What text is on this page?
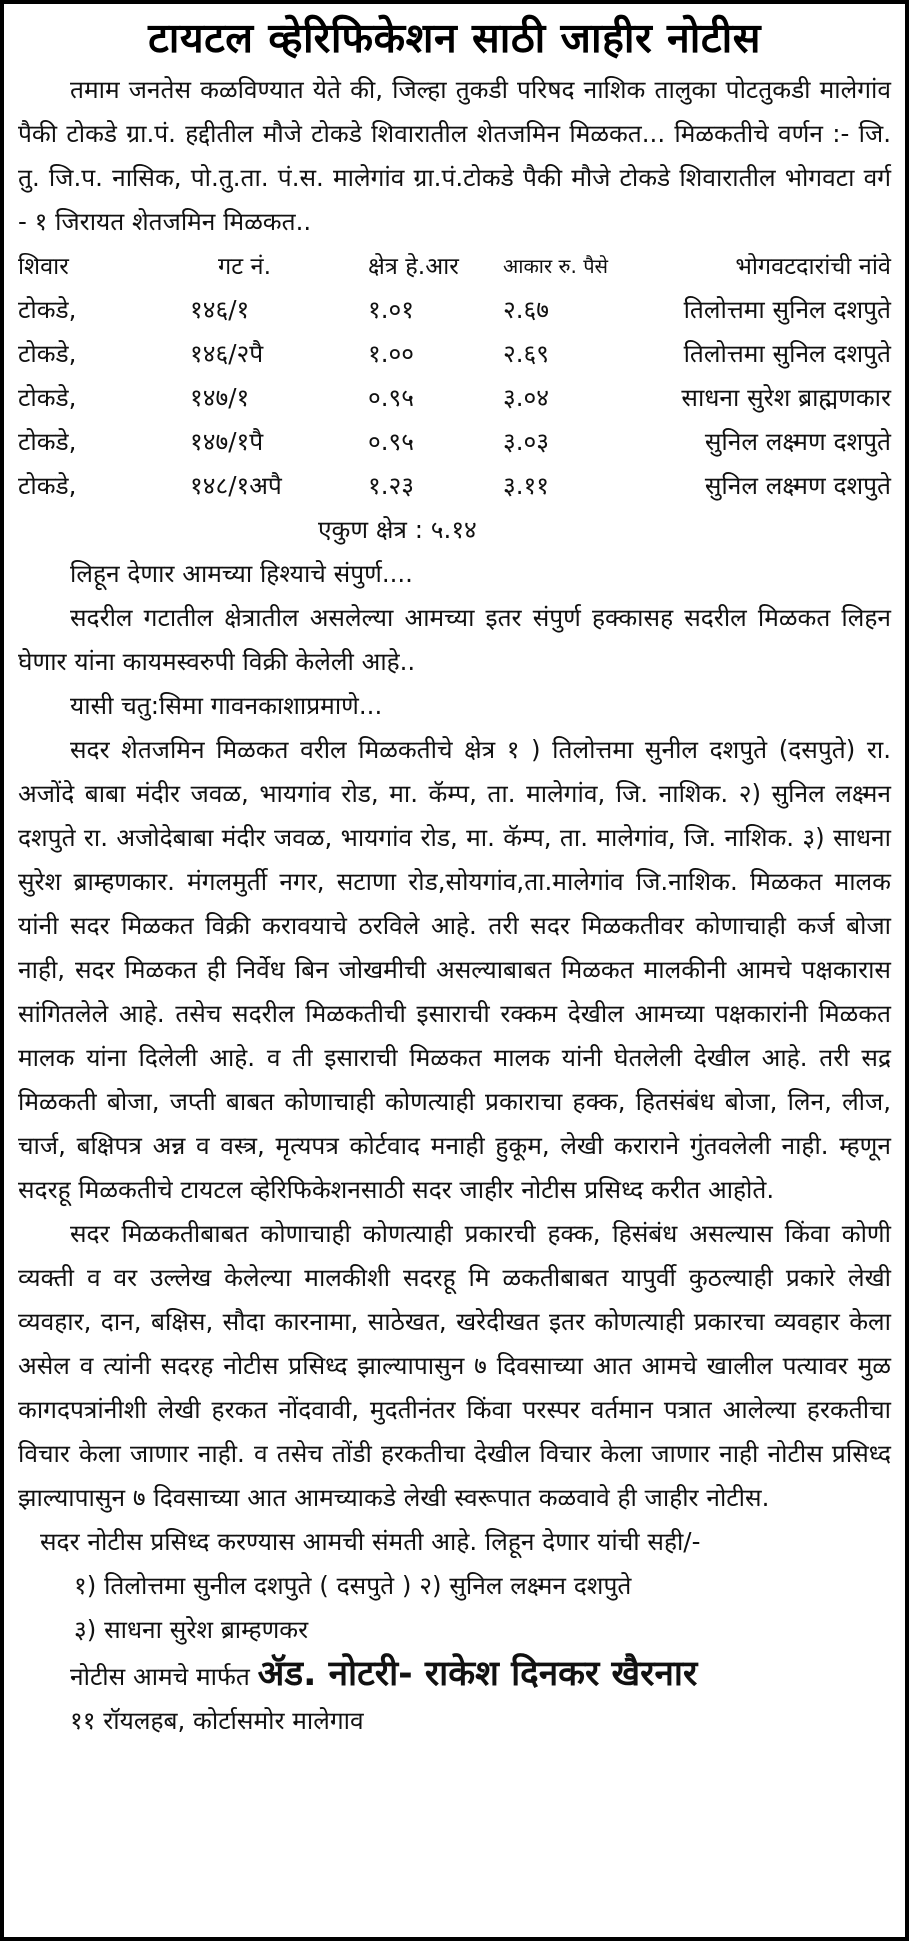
टायटल व्हेरिफिकेशन साठी जाहीर नोटीस

तमाम जनतेस कळविण्यात येते की, जिल्हा तुकडी परिषद नाशिक तालुका पोटतुकडी मालेगांव पैकी टोकडे ग्रा.पं. हद्दीतील मौजे टोकडे शिवारातील शेतजमिन मिळकत... मिळकतीचे वर्णन :- जि. तु. जि.प. नासिक, पो.तु.ता. पं.स. मालेगांव ग्रा.पं.टोकडे पैकी मौजे टोकडे शिवारातील भोगवटा वर्ग - १ जिरायत शेतजमिन मिळकत..

शिवार	गट नं.	क्षेत्र हे.आर	आकार रु. पैसे	भोगवटदारांची नांवे
टोकडे,	१४६/१	१.०१	२.६७	तिलोत्तमा सुनिल दशपुते
टोकडे,	१४६/२पै	१.००	२.६९	तिलोत्तमा सुनिल दशपुते
टोकडे,	१४७/१	०.९५	३.०४	साधना सुरेश ब्राह्मणकार
टोकडे,	१४७/१पै	०.९५	३.०३	सुनिल लक्ष्मण दशपुते
टोकडे,	१४८/१अपै	१.२३	३.११	सुनिल लक्ष्मण दशपुते

एकुण क्षेत्र : ५.१४

लिहून देणार आमच्या हिश्याचे संपुर्ण....

सदरील गटातील क्षेत्रातील असलेल्या आमच्या इतर संपुर्ण हक्कासह सदरील मिळकत लिहन घेणार यांना कायमस्वरुपी विक्री केलेली आहे..

यासी चतु:सिमा गावनकाशाप्रमाणे...

सदर शेतजमिन मिळकत वरील मिळकतीचे क्षेत्र १ ) तिलोत्तमा सुनील दशपुते (दसपुते) रा. अजोंदे बाबा मंदीर जवळ, भायगांव रोड, मा. कॅम्प, ता. मालेगांव, जि. नाशिक. २) सुनिल लक्ष्मन दशपुते रा. अजोदेबाबा मंदीर जवळ, भायगांव रोड, मा. कॅम्प, ता. मालेगांव, जि. नाशिक. ३) साधना सुरेश ब्राम्हणकार. मंगलमुर्ती नगर, सटाणा रोड,सोयगांव,ता.मालेगांव जि.नाशिक. मिळकत मालक यांनी सदर मिळकत विक्री करावयाचे ठरविले आहे. तरी सदर मिळकतीवर कोणाचाही कर्ज बोजा नाही, सदर मिळकत ही निर्वेध बिन जोखमीची असल्याबाबत मिळकत मालकीनी आमचे पक्षकारास सांगितलेले आहे. तसेच सदरील मिळकतीची इसाराची रक्कम देखील आमच्या पक्षकारांनी मिळकत मालक यांना दिलेली आहे. व ती इसाराची मिळकत मालक यांनी घेतलेली देखील आहे. तरी सद्र मिळकती बोजा, जप्ती बाबत कोणाचाही कोणत्याही प्रकाराचा हक्क, हितसंबंध बोजा, लिन, लीज, चार्ज, बक्षिपत्र अन्न व वस्त्र, मृत्यपत्र कोर्टवाद मनाही हुकूम, लेखी कराराने गुंतवलेली नाही. म्हणून सदरहू मिळकतीचे टायटल व्हेरिफिकेशनसाठी सदर जाहीर नोटीस प्रसिध्द करीत आहोते.

सदर मिळकतीबाबत कोणाचाही कोणत्याही प्रकारची हक्क, हिसंबंध असल्यास किंवा कोणी व्यक्ती व वर उल्लेख केलेल्या मालकीशी सदरहू मि ळकतीबाबत यापुर्वी कुठल्याही प्रकारे लेखी व्यवहार, दान, बक्षिस, सौदा कारनामा, साठेखत, खरेदीखत इतर कोणत्याही प्रकारचा व्यवहार केला असेल व त्यांनी सदरह नोटीस प्रसिध्द झाल्यापासुन ७ दिवसाच्या आत आमचे खालील पत्यावर मुळ कागदपत्रांनीशी लेखी हरकत नोंदवावी, मुदतीनंतर किंवा परस्पर वर्तमान पत्रात आलेल्या हरकतीचा विचार केला जाणार नाही. व तसेच तोंडी हरकतीचा देखील विचार केला जाणार नाही नोटीस प्रसिध्द झाल्यापासुन ७ दिवसाच्या आत आमच्याकडे लेखी स्वरूपात कळवावे ही जाहीर नोटीस.

सदर नोटीस प्रसिध्द करण्यास आमची संमती आहे. लिहून देणार यांची सही/-

१) तिलोत्तमा सुनील दशपुते ( दसपुते ) २) सुनिल लक्ष्मन दशपुते

३) साधना सुरेश ब्राम्हणकर

नोटीस आमचे मार्फत ॲड. नोटरी- राकेश दिनकर खैरनार

११ रॉयलहब, कोर्टासमोर मालेगाव
